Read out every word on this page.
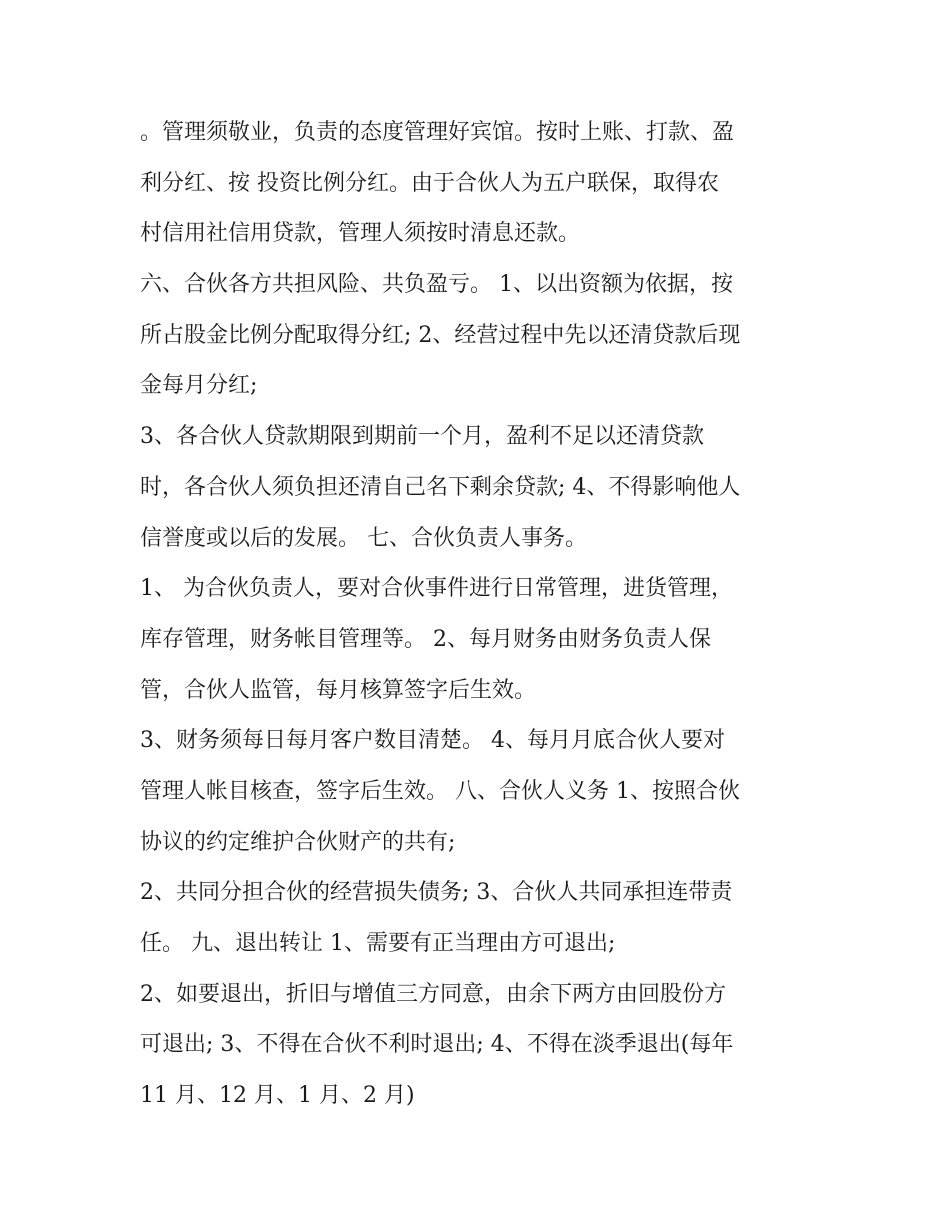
。管理须敬业，负责的态度管理好宾馆。按时上账、打款、盈
利分红、按 投资比例分红。由于合伙人为五户联保，取得农
村信用社信用贷款，管理人须按时清息还款。
六、合伙各方共担风险、共负盈亏。 1、以出资额为依据，按
所占股金比例分配取得分红; 2、经营过程中先以还清贷款后现
金每月分红;
3、各合伙人贷款期限到期前一个月，盈利不足以还清贷款
时，各合伙人须负担还清自己名下剩余贷款; 4、不得影响他人
信誉度或以后的发展。 七、合伙负责人事务。
1、 为合伙负责人，要对合伙事件进行日常管理，进货管理，
库存管理，财务帐目管理等。 2、每月财务由财务负责人保
管，合伙人监管，每月核算签字后生效。
3、财务须每日每月客户数目清楚。 4、每月月底合伙人要对
管理人帐目核查，签字后生效。 八、合伙人义务 1、按照合伙
协议的约定维护合伙财产的共有;
2、共同分担合伙的经营损失债务; 3、合伙人共同承担连带责
任。 九、退出转让 1、需要有正当理由方可退出;
2、如要退出，折旧与增值三方同意，由余下两方由回股份方
可退出; 3、不得在合伙不利时退出; 4、不得在淡季退出(每年
11 月、12 月、1 月、2 月)
